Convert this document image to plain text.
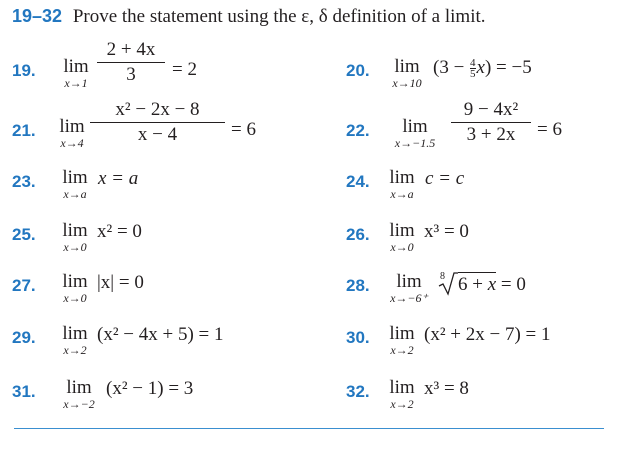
19–32 Prove the statement using the ε, δ definition of a limit.
19.	lim
x→1
2 + 4x
3	= 2	20.	lim
x→10
$(3 - \frac{4}{5} x) = -5$
21. lim
x→4
x² − 2x − 8
x − 4	= 6	22.	lim
x→−1.5
9 − 4x²
3 + 2x	= 6
23. lim
x→a
x = a	24. lim
x→a
c = c
25. lim
x→0
x² = 0	26. lim
x→0
x³ = 0
27. lim
x→0
|x| = 0	28.	lim
x→−6⁺
8 6 + x = 0
29. lim
x→2
(x² − 4x + 5) = 1	30. lim
x→2
(x² + 2x − 7) = 1
31.	lim
x→−2
(x² − 1) = 3	32. lim
x→2
x³ = 8
